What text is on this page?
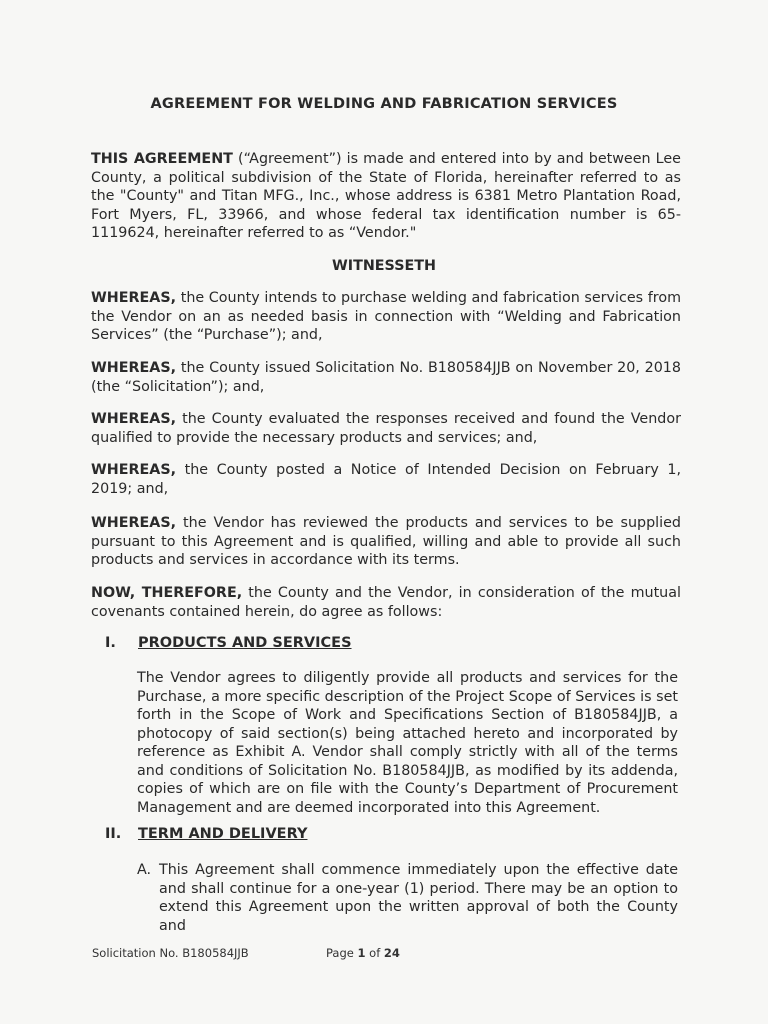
AGREEMENT FOR WELDING AND FABRICATION SERVICES
THIS AGREEMENT (“Agreement”) is made and entered into by and between Lee County, a political subdivision of the State of Florida, hereinafter referred to as the "County" and Titan MFG., Inc., whose address is 6381 Metro Plantation Road, Fort Myers, FL, 33966, and whose federal tax identification number is 65-1119624, hereinafter referred to as “Vendor."
WITNESSETH
WHEREAS, the County intends to purchase welding and fabrication services from the Vendor on an as needed basis in connection with “Welding and Fabrication Services” (the “Purchase”); and,
WHEREAS, the County issued Solicitation No. B180584JJB on November 20, 2018 (the “Solicitation”); and,
WHEREAS, the County evaluated the responses received and found the Vendor qualified to provide the necessary products and services; and,
WHEREAS, the County posted a Notice of Intended Decision on February 1, 2019; and,
WHEREAS, the Vendor has reviewed the products and services to be supplied pursuant to this Agreement and is qualified, willing and able to provide all such products and services in accordance with its terms.
NOW, THEREFORE, the County and the Vendor, in consideration of the mutual covenants contained herein, do agree as follows:
I. PRODUCTS AND SERVICES
The Vendor agrees to diligently provide all products and services for the Purchase, a more specific description of the Project Scope of Services is set forth in the Scope of Work and Specifications Section of B180584JJB, a photocopy of said section(s) being attached hereto and incorporated by reference as Exhibit A. Vendor shall comply strictly with all of the terms and conditions of Solicitation No. B180584JJB, as modified by its addenda, copies of which are on file with the County’s Department of Procurement Management and are deemed incorporated into this Agreement.
II. TERM AND DELIVERY
A. This Agreement shall commence immediately upon the effective date and shall continue for a one-year (1) period. There may be an option to extend this Agreement upon the written approval of both the County and
Solicitation No. B180584JJB	Page 1 of 24
